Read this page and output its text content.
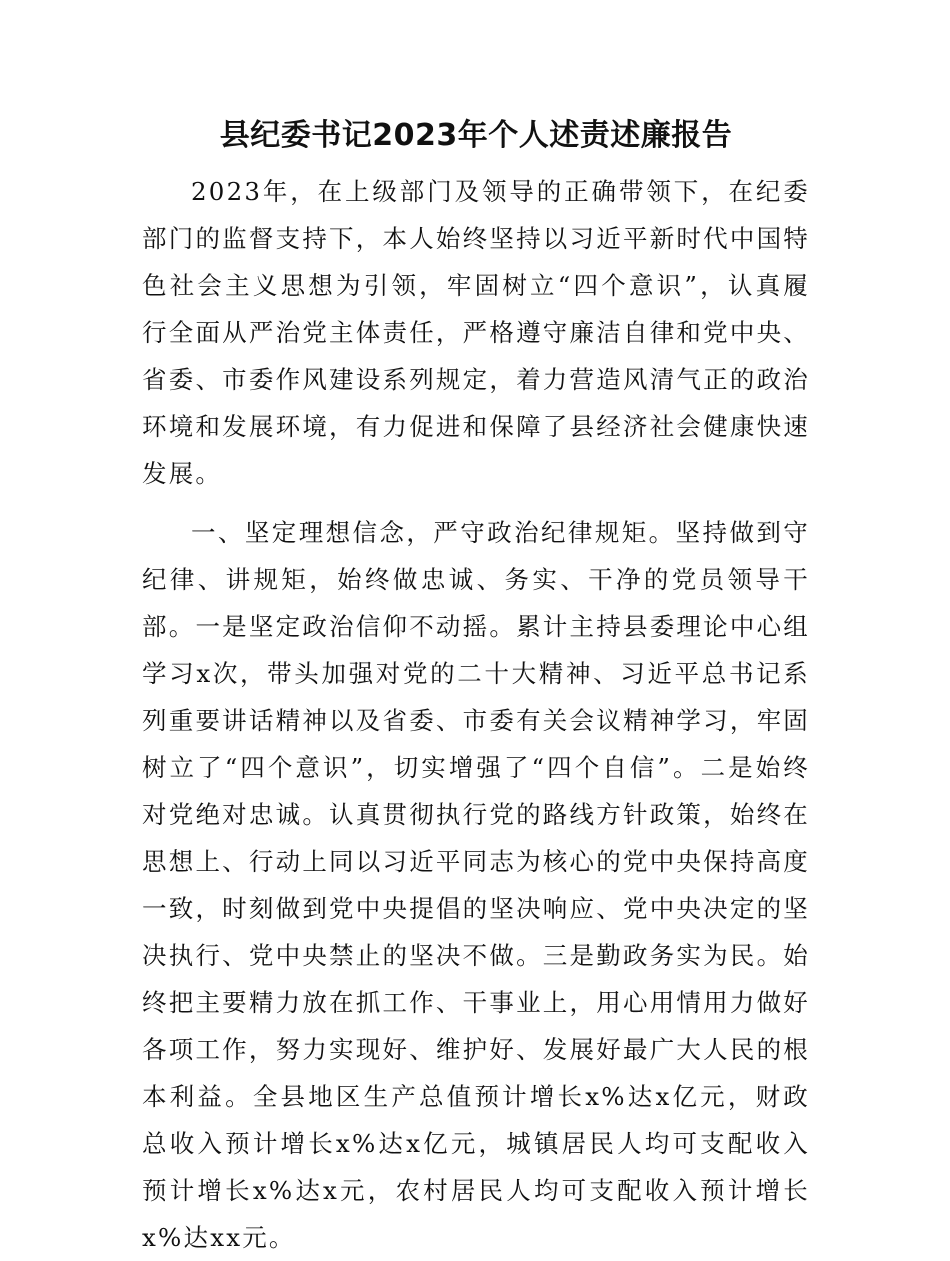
县纪委书记2023年个人述责述廉报告

2023年，在上级部门及领导的正确带领下，在纪委部门的监督支持下，本人始终坚持以习近平新时代中国特色社会主义思想为引领，牢固树立“四个意识”，认真履行全面从严治党主体责任，严格遵守廉洁自律和党中央、省委、市委作风建设系列规定，着力营造风清气正的政治环境和发展环境，有力促进和保障了县经济社会健康快速发展。

一、坚定理想信念，严守政治纪律规矩。坚持做到守纪律、讲规矩，始终做忠诚、务实、干净的党员领导干部。一是坚定政治信仰不动摇。累计主持县委理论中心组学习x次，带头加强对党的二十大精神、习近平总书记系列重要讲话精神以及省委、市委有关会议精神学习，牢固树立了“四个意识”，切实增强了“四个自信”。二是始终对党绝对忠诚。认真贯彻执行党的路线方针政策，始终在思想上、行动上同以习近平同志为核心的党中央保持高度一致，时刻做到党中央提倡的坚决响应、党中央决定的坚决执行、党中央禁止的坚决不做。三是勤政务实为民。始终把主要精力放在抓工作、干事业上，用心用情用力做好各项工作，努力实现好、维护好、发展好最广大人民的根本利益。全县地区生产总值预计增长x%达x亿元，财政总收入预计增长x%达x亿元，城镇居民人均可支配收入预计增长x%达x元，农村居民人均可支配收入预计增长x%达xx元。
